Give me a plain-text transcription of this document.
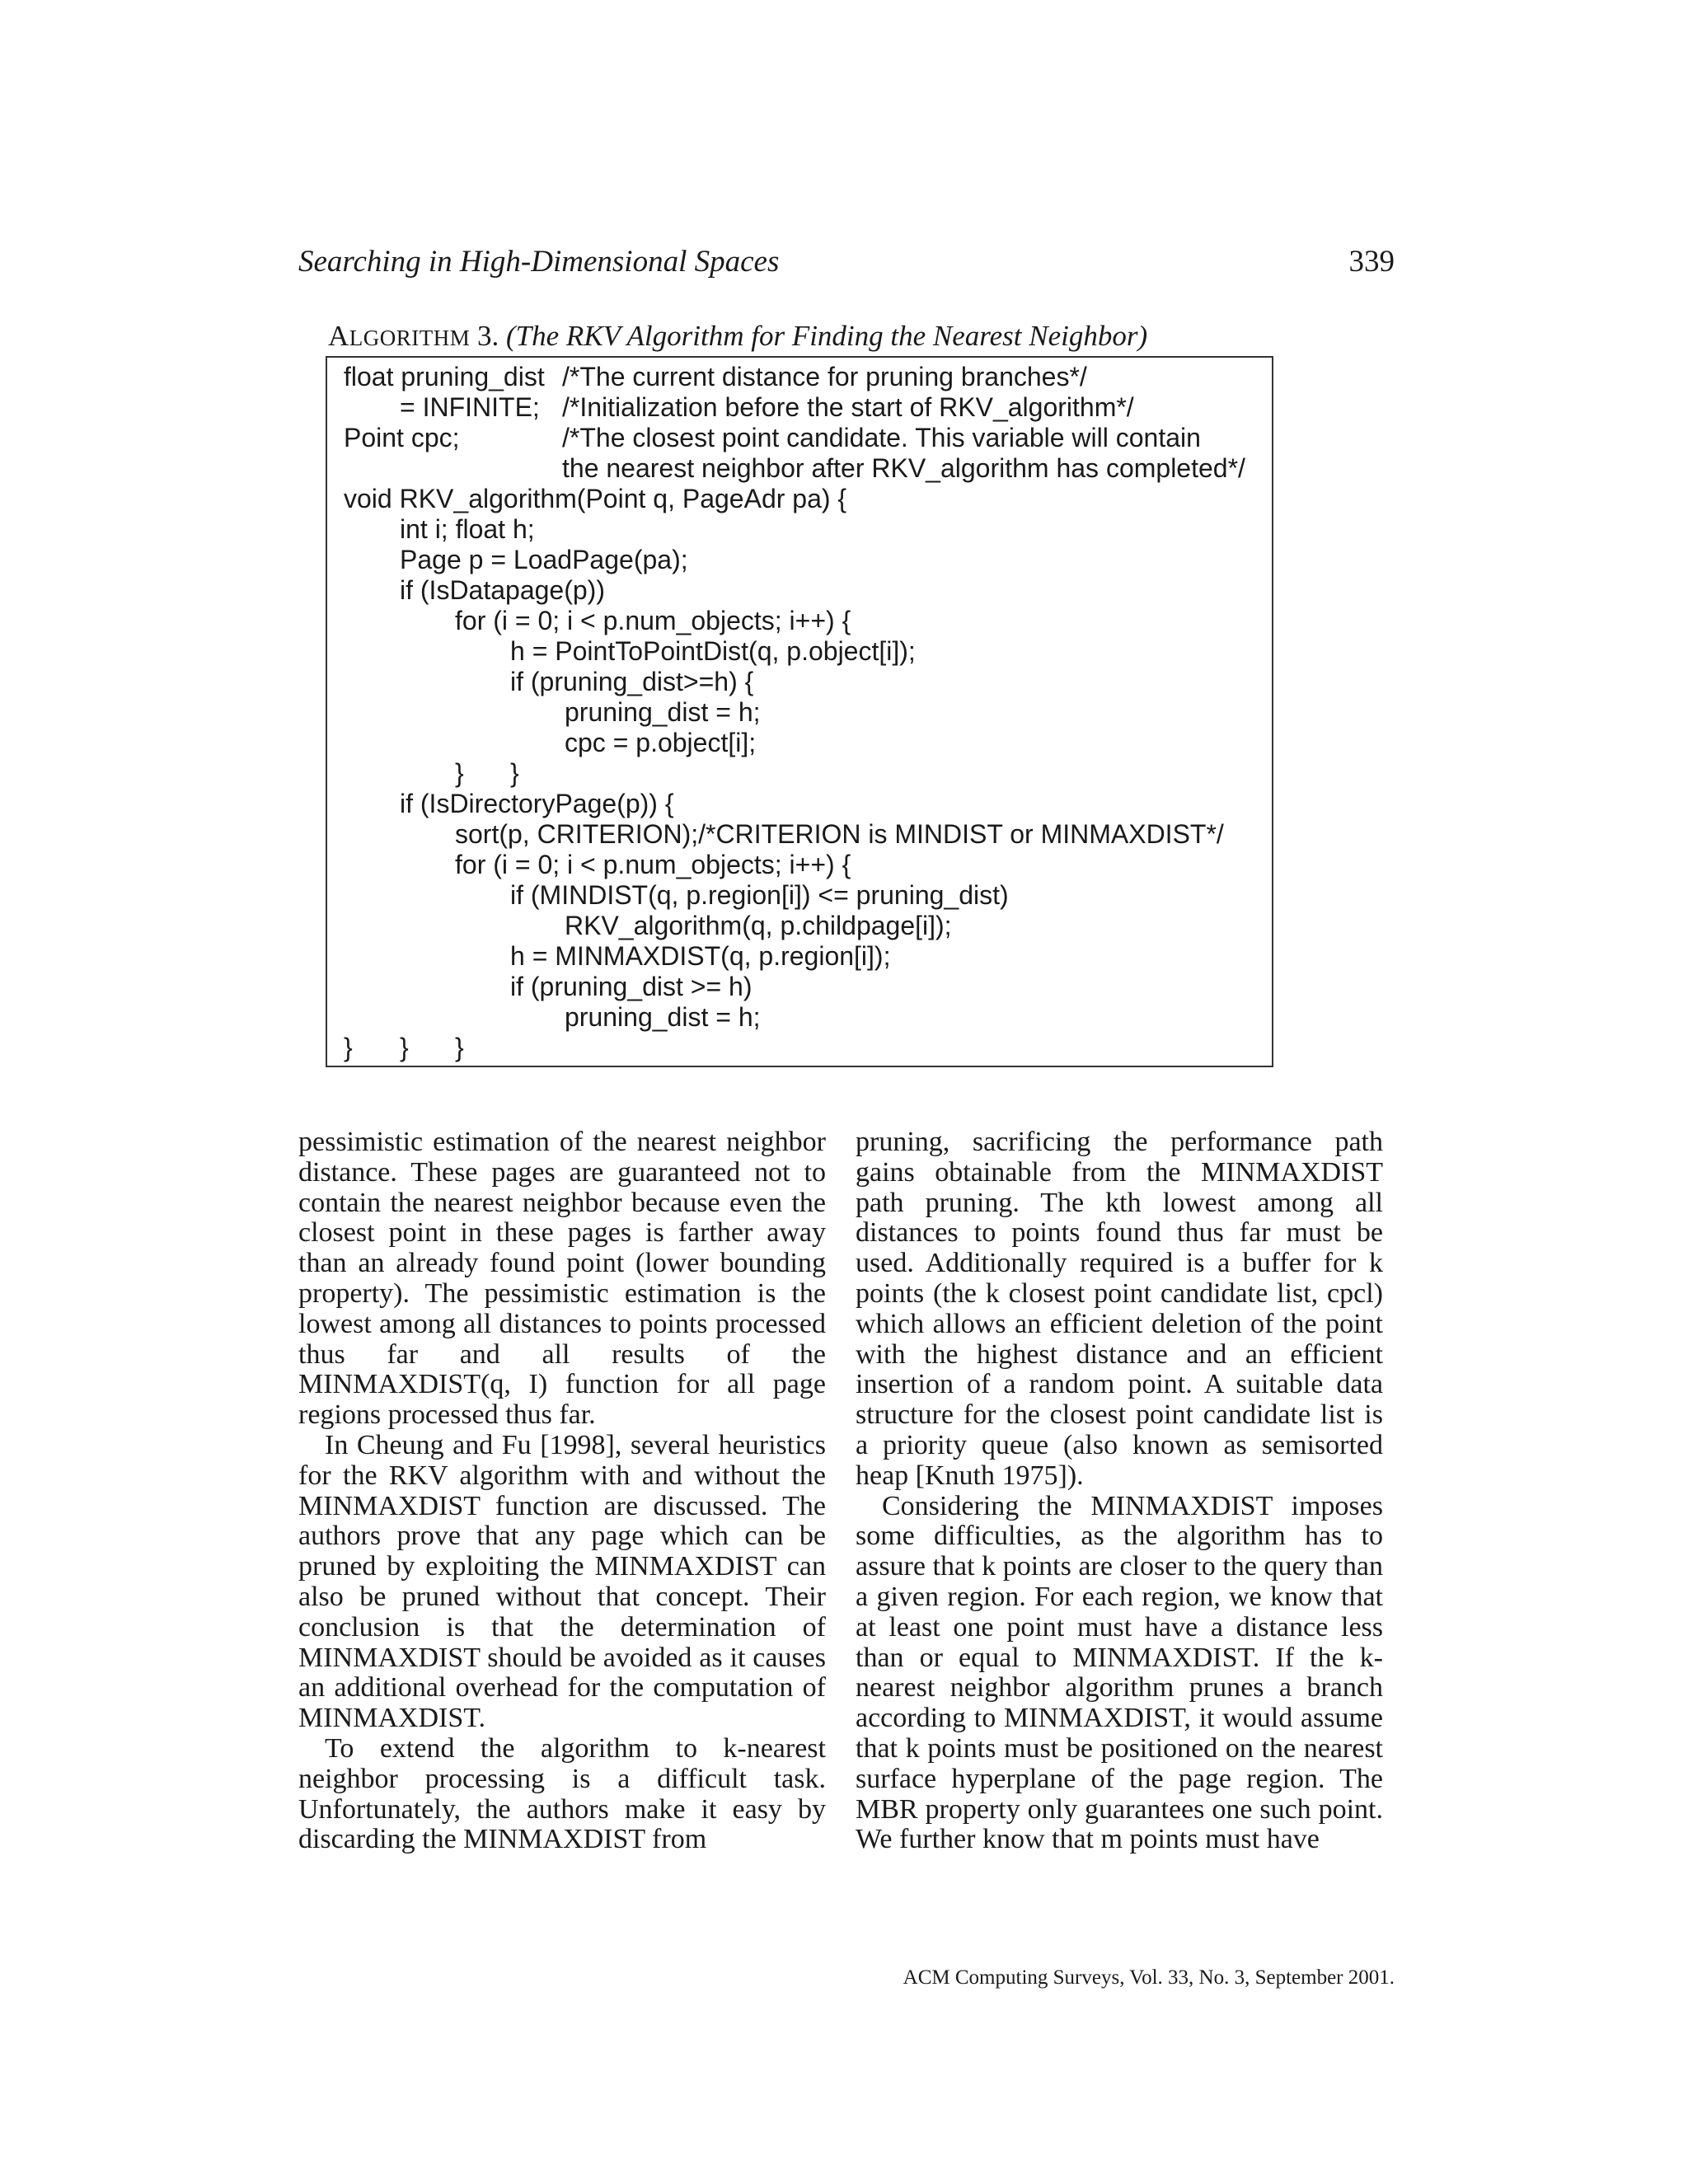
Searching in High-Dimensional Spaces	339
ALGORITHM 3. (The RKV Algorithm for Finding the Nearest Neighbor)
float pruning_dist /*The current distance for pruning branches*/
= INFINITE; /*Initialization before the start of RKV_algorithm*/
Point cpc;	/*The closest point candidate. This variable will contain
the nearest neighbor after RKV_algorithm has completed*/
void RKV_algorithm(Point q, PageAdr pa) {
int i; float h;
Page p = LoadPage(pa);
if (IsDatapage(p))
for (i = 0; i < p.num_objects; i++) {
h = PointToPointDist(q, p.object[i]);
if (pruning_dist>=h) {
pruning_dist = h;
cpc = p.object[i];
} }
if (IsDirectoryPage(p)) {
sort(p, CRITERION);/*CRITERION is MINDIST or MINMAXDIST*/
for (i = 0; i < p.num_objects; i++) {
if (MINDIST(q, p.region[i]) <= pruning_dist)
RKV_algorithm(q, p.childpage[i]);
h = MINMAXDIST(q, p.region[i]);
if (pruning_dist >= h)
pruning_dist = h;
} } }

pessimistic estimation of the nearest neighbor distance. These pages are guaranteed not to contain the nearest neighbor because even the closest point in these pages is farther away than an already found point (lower bounding property). The pessimistic estimation is the lowest among all distances to points processed thus far and all results of the MINMAXDIST(q, I) function for all page regions processed thus far.

In Cheung and Fu [1998], several heuristics for the RKV algorithm with and without the MINMAXDIST function are discussed. The authors prove that any page which can be pruned by exploiting the MINMAXDIST can also be pruned without that concept. Their conclusion is that the determination of MINMAXDIST should be avoided as it causes an additional overhead for the computation of MINMAXDIST.

To extend the algorithm to k-nearest neighbor processing is a difficult task. Unfortunately, the authors make it easy by discarding the MINMAXDIST from

pruning, sacrificing the performance path gains obtainable from the MINMAXDIST path pruning. The kth lowest among all distances to points found thus far must be used. Additionally required is a buffer for k points (the k closest point candidate list, cpcl) which allows an efficient deletion of the point with the highest distance and an efficient insertion of a random point. A suitable data structure for the closest point candidate list is a priority queue (also known as semisorted heap [Knuth 1975]).

Considering the MINMAXDIST imposes some difficulties, as the algorithm has to assure that k points are closer to the query than a given region. For each region, we know that at least one point must have a distance less than or equal to MINMAXDIST. If the k-nearest neighbor algorithm prunes a branch according to MINMAXDIST, it would assume that k points must be positioned on the nearest surface hyperplane of the page region. The MBR property only guarantees one such point. We further know that m points must have

ACM Computing Surveys, Vol. 33, No. 3, September 2001.
